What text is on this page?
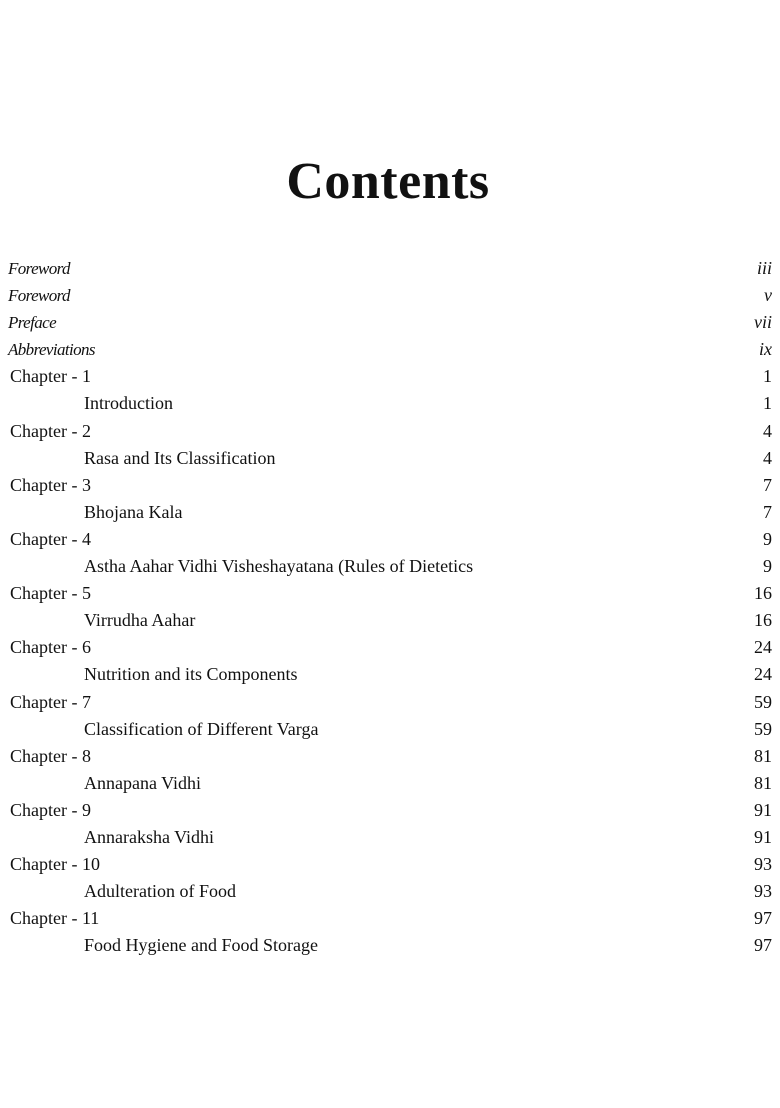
Contents
Foreword	iii
Foreword	v
Preface	vii
Abbreviations	ix
Chapter - 1	1
Introduction	1
Chapter - 2	4
Rasa and Its Classification	4
Chapter - 3	7
Bhojana Kala	7
Chapter - 4	9
Astha Aahar Vidhi Visheshayatana (Rules of Dietetics	9
Chapter - 5	16
Virrudha Aahar	16
Chapter - 6	24
Nutrition and its Components	24
Chapter - 7	59
Classification of Different Varga	59
Chapter - 8	81
Annapana Vidhi	81
Chapter - 9	91
Annaraksha Vidhi	91
Chapter - 10	93
Adulteration of Food	93
Chapter - 11	97
Food Hygiene and Food Storage	97
